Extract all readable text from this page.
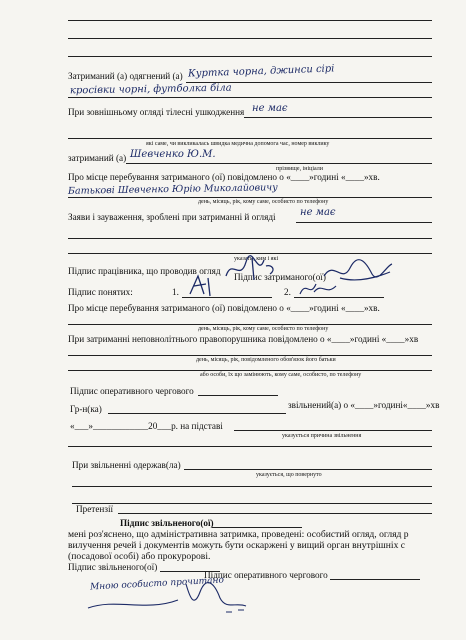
Затриманий (а) одягнений (а) Куртка чорна, джинси сірі
кросівки чорні, футболка біла
При зовнішньому огляді тілесні ушкодження не має
які саме, чи викликалась швидка медична допомога час, номер виклику
затриманий (а) Шевченко Ю.М.
прізвище, ініціали
Про місце перебування затриманого (ої) повідомлено о «____»годині «____»хв.
Батькові Шевченко Юрію Миколайовичу
день, місяць, рік, кому саме, особисто по телефону
Заяви і зауваження, зроблені при затриманні й огляді не має
указати, ким і які
Підпис працівника, що проводив огляд
Підпис затриманого(ої)
Підпис понятих:	1.	2.
Про місце перебування затриманого (ої) повідомлено о «____»годині «____»хв.
день, місяць, рік, кому саме, особисто по телефону
При затриманні неповнолітнього правопорушника повідомлено о «____»годині «____»хв
день, місяць, рік, повідомленого обов'язок його батьки
або особи, їх що замінюють, кому саме, особисто, по телефону
Підпис оперативного чергового
Гр-н(ка)	звільнений(а) о «____»годині«____»хв
«___»____________20___р. на підставі
указується причина звільнення
При звільненні одержав(ла)
указується, що повернуто
Претензії
Підпис звільненого(ої)
мені роз'яснено, що адміністративна затримка, проведені: особистий огляд, огляд р
вилучення речей і документів можуть бути оскаржені у вищий орган внутрішніх с
(посадової особі) або прокуророві.
Підпис звільненого(ої)
Підпис оперативного чергового
Мною особисто прочитано
